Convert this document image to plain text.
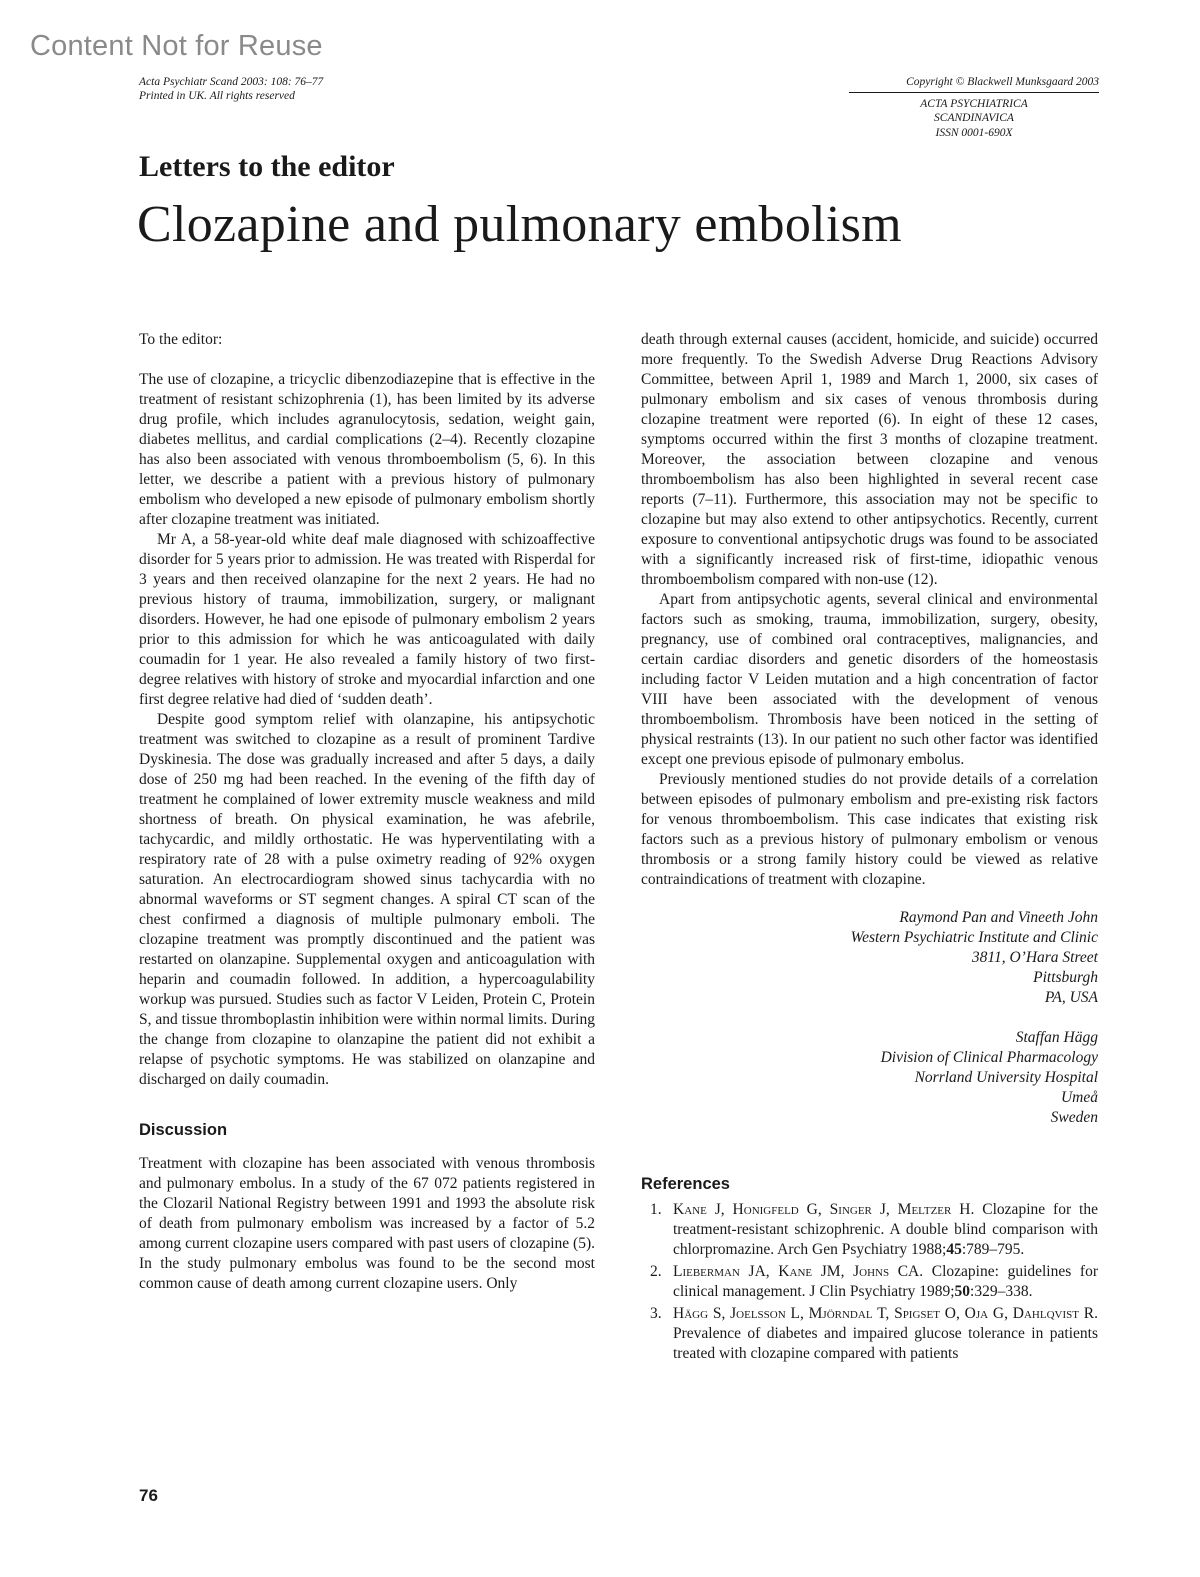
Content Not for Reuse
Acta Psychiatr Scand 2003: 108: 76–77
Printed in UK. All rights reserved
Copyright © Blackwell Munksgaard 2003
ACTA PSYCHIATRICA
SCANDINAVICA
ISSN 0001-690X
Letters to the editor
Clozapine and pulmonary embolism

To the editor:

The use of clozapine, a tricyclic dibenzodiazepine that is effective in the treatment of resistant schizophrenia (1), has been limited by its adverse drug profile, which includes agranulocytosis, sedation, weight gain, diabetes mellitus, and cardial complications (2–4). Recently clozapine has also been associated with venous thromboembolism (5, 6). In this letter, we describe a patient with a previous history of pulmonary embolism who developed a new episode of pulmonary embolism shortly after clozapine treatment was initiated.

Mr A, a 58-year-old white deaf male diagnosed with schizoaffective disorder for 5 years prior to admission. He was treated with Risperdal for 3 years and then received olanzapine for the next 2 years. He had no previous history of trauma, immobilization, surgery, or malignant disorders. However, he had one episode of pulmonary embolism 2 years prior to this admission for which he was anticoagulated with daily coumadin for 1 year. He also revealed a family history of two first-degree relatives with history of stroke and myocardial infarction and one first degree relative had died of ‘sudden death’.

Despite good symptom relief with olanzapine, his antipsychotic treatment was switched to clozapine as a result of prominent Tardive Dyskinesia. The dose was gradually increased and after 5 days, a daily dose of 250 mg had been reached. In the evening of the fifth day of treatment he complained of lower extremity muscle weakness and mild shortness of breath. On physical examination, he was afebrile, tachycardic, and mildly orthostatic. He was hyperventilating with a respiratory rate of 28 with a pulse oximetry reading of 92% oxygen saturation. An electrocardiogram showed sinus tachycardia with no abnormal waveforms or ST segment changes. A spiral CT scan of the chest confirmed a diagnosis of multiple pulmonary emboli. The clozapine treatment was promptly discontinued and the patient was restarted on olanzapine. Supplemental oxygen and anticoagulation with heparin and coumadin followed. In addition, a hypercoagulability workup was pursued. Studies such as factor V Leiden, Protein C, Protein S, and tissue thromboplastin inhibition were within normal limits. During the change from clozapine to olanzapine the patient did not exhibit a relapse of psychotic symptoms. He was stabilized on olanzapine and discharged on daily coumadin.

Discussion

Treatment with clozapine has been associated with venous thrombosis and pulmonary embolus. In a study of the 67 072 patients registered in the Clozaril National Registry between 1991 and 1993 the absolute risk of death from pulmonary embolism was increased by a factor of 5.2 among current clozapine users compared with past users of clozapine (5). In the study pulmonary embolus was found to be the second most common cause of death among current clozapine users. Only

death through external causes (accident, homicide, and suicide) occurred more frequently. To the Swedish Adverse Drug Reactions Advisory Committee, between April 1, 1989 and March 1, 2000, six cases of pulmonary embolism and six cases of venous thrombosis during clozapine treatment were reported (6). In eight of these 12 cases, symptoms occurred within the first 3 months of clozapine treatment. Moreover, the association between clozapine and venous thromboembolism has also been highlighted in several recent case reports (7–11). Furthermore, this association may not be specific to clozapine but may also extend to other antipsychotics. Recently, current exposure to conventional antipsychotic drugs was found to be associated with a significantly increased risk of first-time, idiopathic venous thromboembolism compared with non-use (12).

Apart from antipsychotic agents, several clinical and environmental factors such as smoking, trauma, immobilization, surgery, obesity, pregnancy, use of combined oral contraceptives, malignancies, and certain cardiac disorders and genetic disorders of the homeostasis including factor V Leiden mutation and a high concentration of factor VIII have been associated with the development of venous thromboembolism. Thrombosis have been noticed in the setting of physical restraints (13). In our patient no such other factor was identified except one previous episode of pulmonary embolus.

Previously mentioned studies do not provide details of a correlation between episodes of pulmonary embolism and pre-existing risk factors for venous thromboembolism. This case indicates that existing risk factors such as a previous history of pulmonary embolism or venous thrombosis or a strong family history could be viewed as relative contraindications of treatment with clozapine.

Raymond Pan and Vineeth John
Western Psychiatric Institute and Clinic
3811, O’Hara Street
Pittsburgh
PA, USA
Staffan Hägg
Division of Clinical Pharmacology
Norrland University Hospital
Umeå
Sweden
References
1. Kane J, Honigfeld G, Singer J, Meltzer H. Clozapine for the treatment-resistant schizophrenic. A double blind comparison with chlorpromazine. Arch Gen Psychiatry 1988;45:789–795.
2. Lieberman JA, Kane JM, Johns CA. Clozapine: guidelines for clinical management. J Clin Psychiatry 1989;50:329–338.
3. Hägg S, Joelsson L, Mjörndal T, Spigset O, Oja G, Dahlqvist R. Prevalence of diabetes and impaired glucose tolerance in patients treated with clozapine compared with patients
76
